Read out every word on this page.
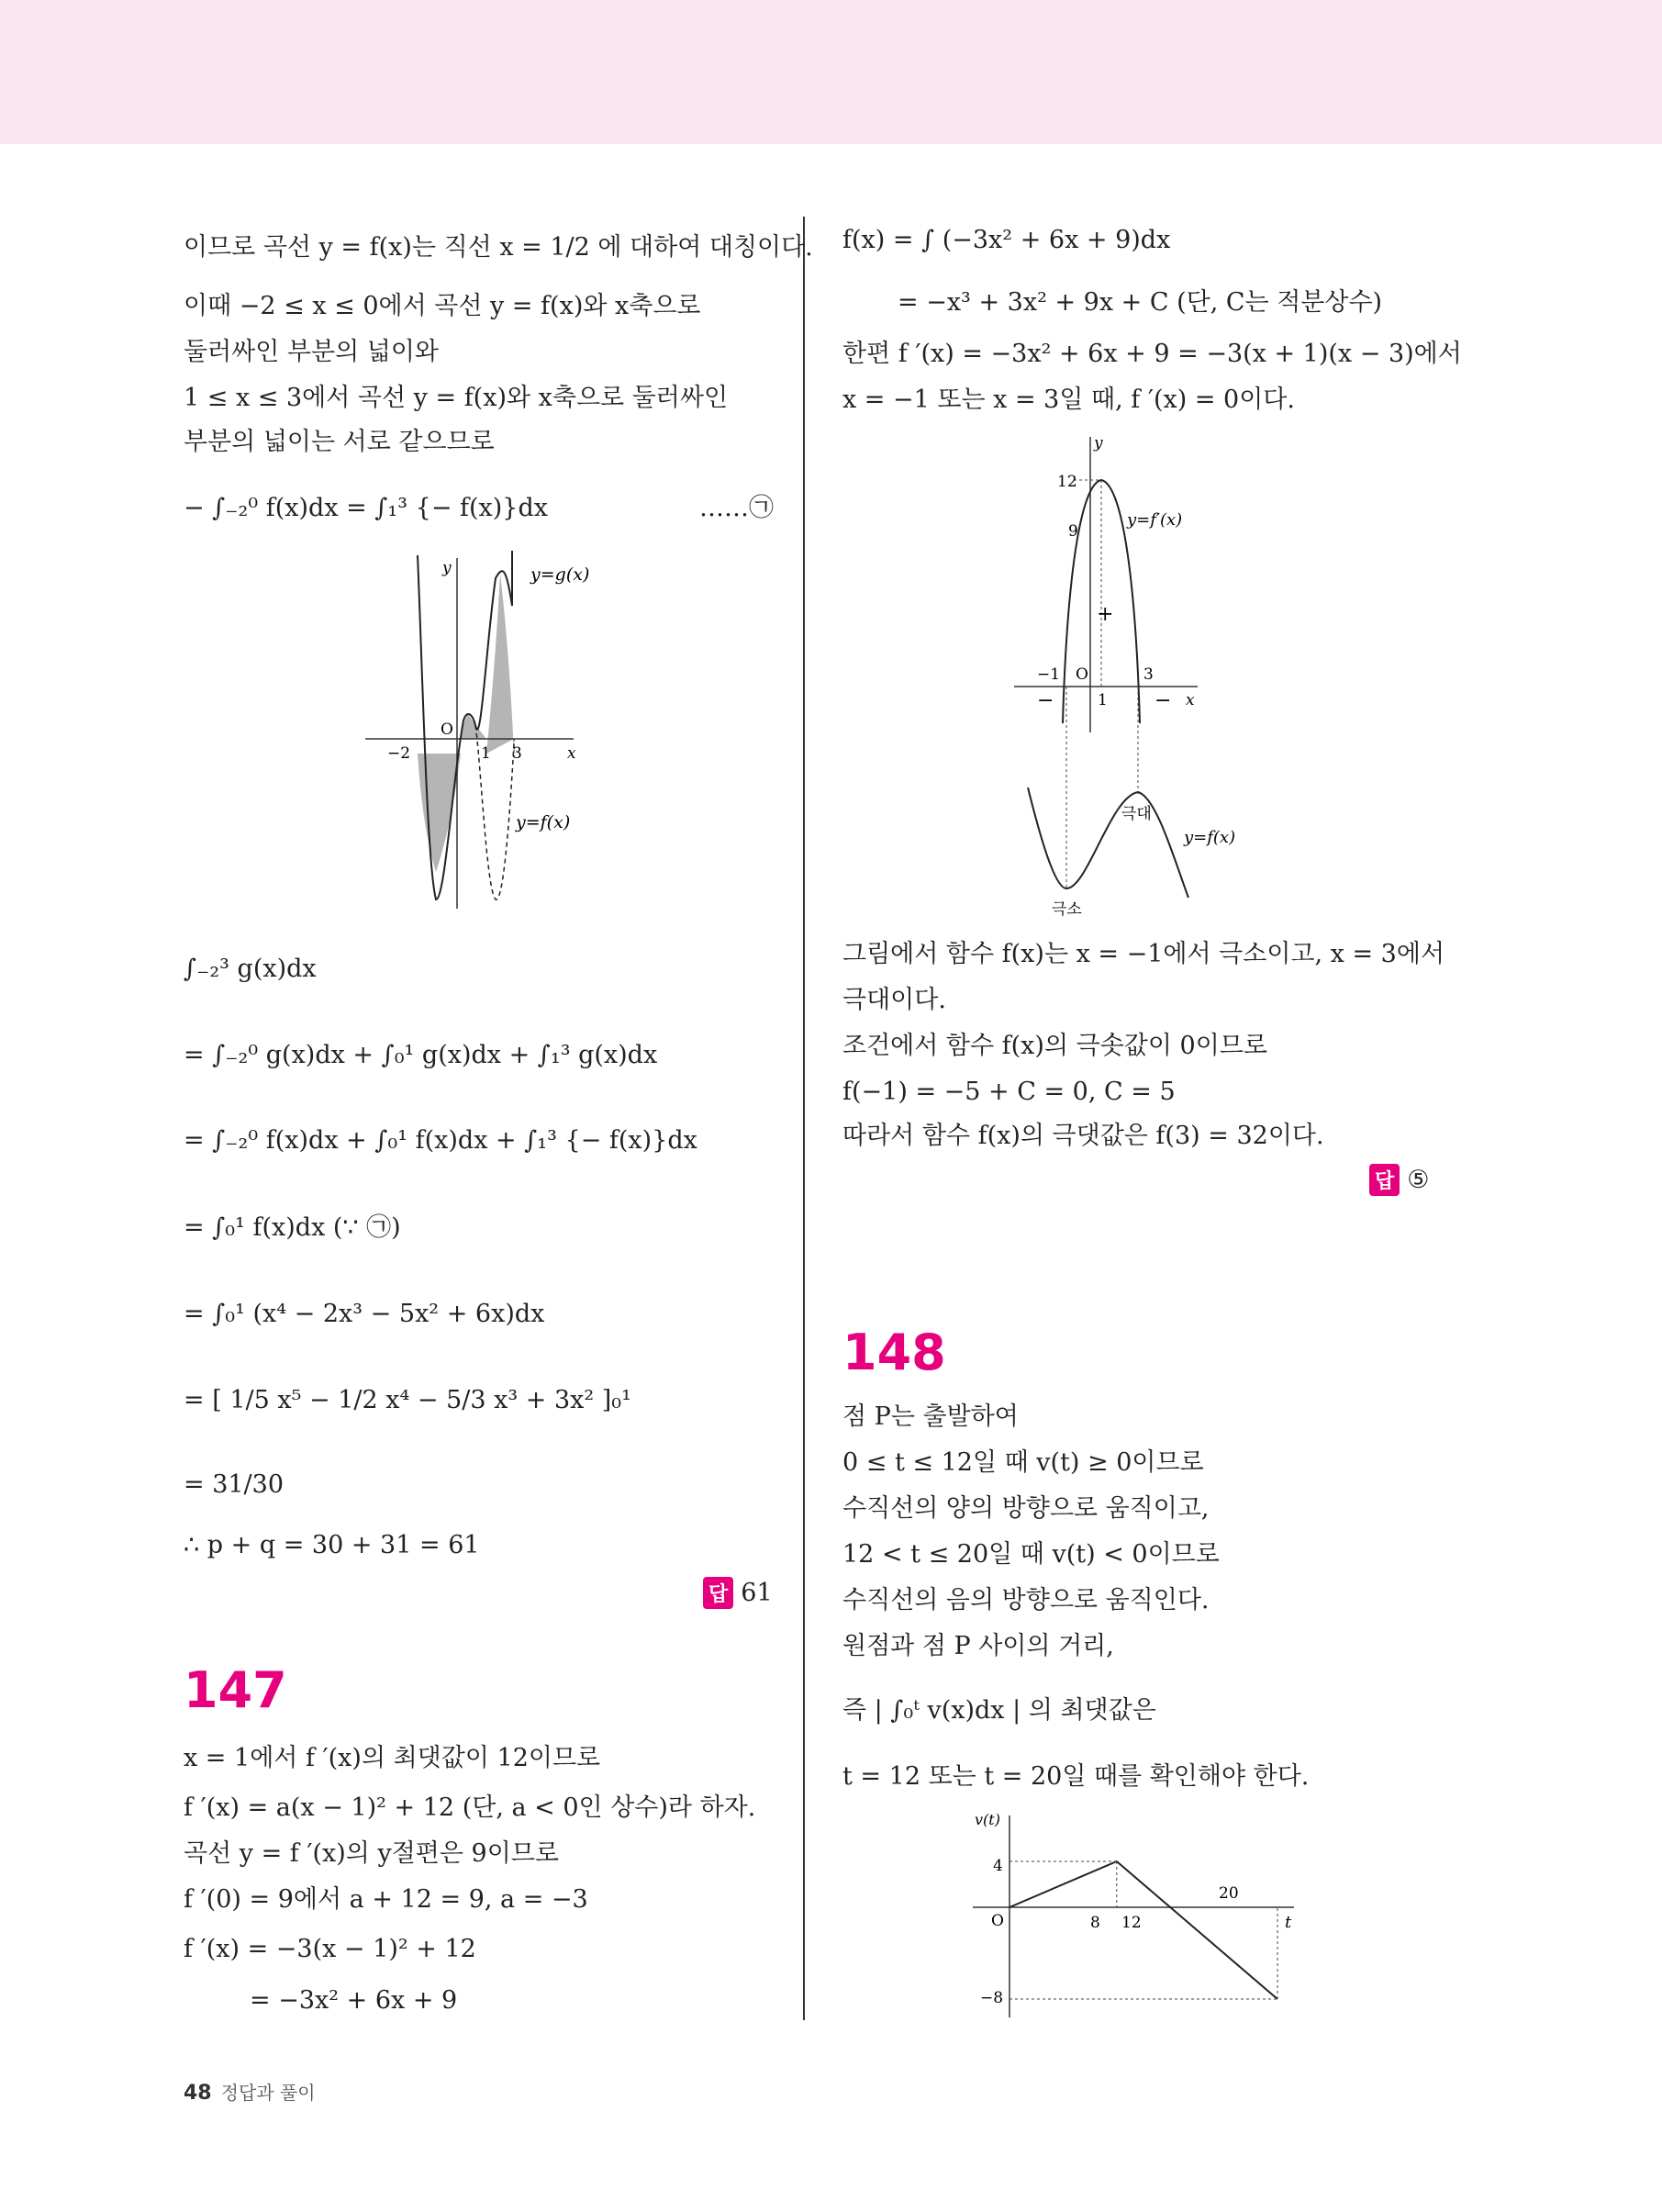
이므로 곡선 y = f(x)는 직선 x = 1/2 에 대하여 대칭이다.
이때 −2 ≤ x ≤ 0에서 곡선 y = f(x)와 x축으로
둘러싸인 부분의 넓이와
1 ≤ x ≤ 3에서 곡선 y = f(x)와 x축으로 둘러싸인
부분의 넓이는 서로 같으므로
− ∫₋₂⁰ f(x)dx = ∫₁³ {− f(x)}dx	……㉠
y=g(x)
y=f(x)
y
x
O
−2	1 3
∫₋₂³ g(x)dx
= ∫₋₂⁰ g(x)dx + ∫₀¹ g(x)dx + ∫₁³ g(x)dx
= ∫₋₂⁰ f(x)dx + ∫₀¹ f(x)dx + ∫₁³ {− f(x)}dx
= ∫₀¹ f(x)dx (∵ ㉠)
= ∫₀¹ (x⁴ − 2x³ − 5x² + 6x)dx
= [ 1/5 x⁵ − 1/2 x⁴ − 5/3 x³ + 3x² ]₀¹
= 31/30
∴ p + q = 30 + 31 = 61
답 61
147
x = 1에서 f ′(x)의 최댓값이 12이므로
f ′(x) = a(x − 1)² + 12 (단, a < 0인 상수)라 하자.
곡선 y = f ′(x)의 y절편은 9이므로
f ′(0) = 9에서 a + 12 = 9, a = −3
f ′(x) = −3(x − 1)² + 12
= −3x² + 6x + 9
f(x) = ∫ (−3x² + 6x + 9)dx
= −x³ + 3x² + 9x + C (단, C는 적분상수)
한편 f ′(x) = −3x² + 6x + 9 = −3(x + 1)(x − 3)에서
x = −1 또는 x = 3일 때, f ′(x) = 0이다.
y
x
O
12
9
−1
1
3
y=f′(x)
y=f(x)
+
−	−
극대
극소
그림에서 함수 f(x)는 x = −1에서 극소이고, x = 3에서
극대이다.
조건에서 함수 f(x)의 극솟값이 0이므로
f(−1) = −5 + C = 0, C = 5
따라서 함수 f(x)의 극댓값은 f(3) = 32이다.
답 ⑤
148
점 P는 출발하여
0 ≤ t ≤ 12일 때 v(t) ≥ 0이므로
수직선의 양의 방향으로 움직이고,
12 < t ≤ 20일 때 v(t) < 0이므로
수직선의 음의 방향으로 움직인다.
원점과 점 P 사이의 거리,
즉 | ∫₀ᵗ v(x)dx | 의 최댓값은
t = 12 또는 t = 20일 때를 확인해야 한다.
v(t)
t
O
4
−8
8 12
20
48 정답과 풀이
